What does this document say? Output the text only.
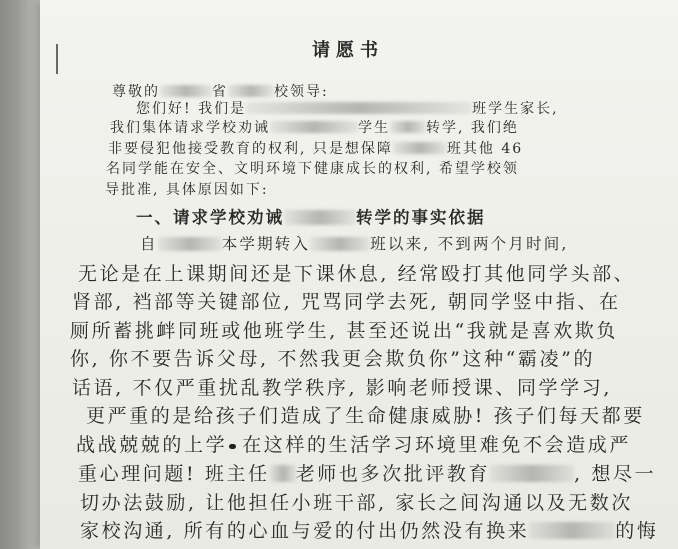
请愿书
尊敬的	省	校领导:
您们好! 我们是	班学生家长,
我们集体请求学校劝诫	学生	转学, 我们绝
非要侵犯他接受教育的权利, 只是想保障	班其他 46
名同学能在安全、文明环境下健康成长的权利, 希望学校领
导批准, 具体原因如下:
一、请求学校劝诫	转学的事实依据
自	本学期转入	班以来, 不到两个月时间,
无论是在上课期间还是下课休息, 经常殴打其他同学头部、
肾部, 裆部等关键部位, 咒骂同学去死, 朝同学竖中指、在
厕所蓄挑衅同班或他班学生, 甚至还说出“我就是喜欢欺负
你, 你不要告诉父母, 不然我更会欺负你”这种“霸凌”的
话语, 不仅严重扰乱教学秩序, 影响老师授课、同学学习,
更严重的是给孩子们造成了生命健康威胁! 孩子们每天都要
战战兢兢的上学 在这样的生活学习环境里难免不会造成严
重心理问题! 班主任 老师也多次批评教育	, 想尽一
切办法鼓励, 让他担任小班干部, 家长之间沟通以及无数次
家校沟通, 所有的心血与爱的付出仍然没有换来	的悔
